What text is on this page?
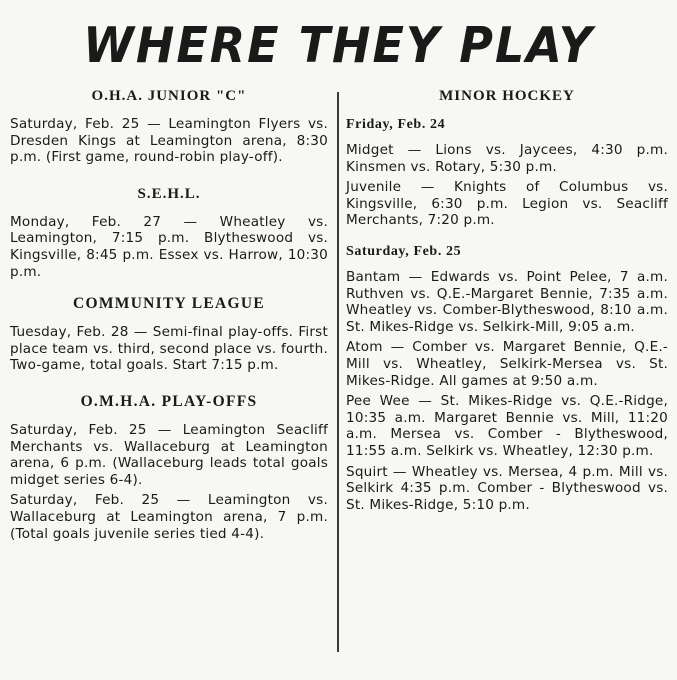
WHERE THEY PLAY
O.H.A. JUNIOR "C"

Saturday, Feb. 25 — Leamington Flyers vs. Dresden Kings at Leamington arena, 8:30 p.m. (First game, round-robin play-off).

S.E.H.L.

Monday, Feb. 27 — Wheatley vs. Leamington, 7:15 p.m. Blytheswood vs. Kingsville, 8:45 p.m. Essex vs. Harrow, 10:30 p.m.

COMMUNITY LEAGUE

Tuesday, Feb. 28 — Semi-final play-offs. First place team vs. third, second place vs. fourth. Two-game, total goals. Start 7:15 p.m.

O.M.H.A. PLAY-OFFS

Saturday, Feb. 25 — Leamington Seacliff Merchants vs. Wallaceburg at Leamington arena, 6 p.m. (Wallaceburg leads total goals midget series 6-4).

Saturday, Feb. 25 — Leamington vs. Wallaceburg at Leamington arena, 7 p.m. (Total goals juvenile series tied 4-4).

MINOR HOCKEY
Friday, Feb. 24

Midget — Lions vs. Jaycees, 4:30 p.m. Kinsmen vs. Rotary, 5:30 p.m.

Juvenile — Knights of Columbus vs. Kingsville, 6:30 p.m. Legion vs. Seacliff Merchants, 7:20 p.m.

Saturday, Feb. 25

Bantam — Edwards vs. Point Pelee, 7 a.m. Ruthven vs. Q.E.-Margaret Bennie, 7:35 a.m. Wheatley vs. Comber-Blytheswood, 8:10 a.m. St. Mikes-Ridge vs. Selkirk-Mill, 9:05 a.m.

Atom — Comber vs. Margaret Bennie, Q.E.-Mill vs. Wheatley, Selkirk-Mersea vs. St. Mikes-Ridge. All games at 9:50 a.m.

Pee Wee — St. Mikes-Ridge vs. Q.E.-Ridge, 10:35 a.m. Margaret Bennie vs. Mill, 11:20 a.m. Mersea vs. Comber - Blytheswood, 11:55 a.m. Selkirk vs. Wheatley, 12:30 p.m.

Squirt — Wheatley vs. Mersea, 4 p.m. Mill vs. Selkirk 4:35 p.m. Comber - Blytheswood vs. St. Mikes-Ridge, 5:10 p.m.
